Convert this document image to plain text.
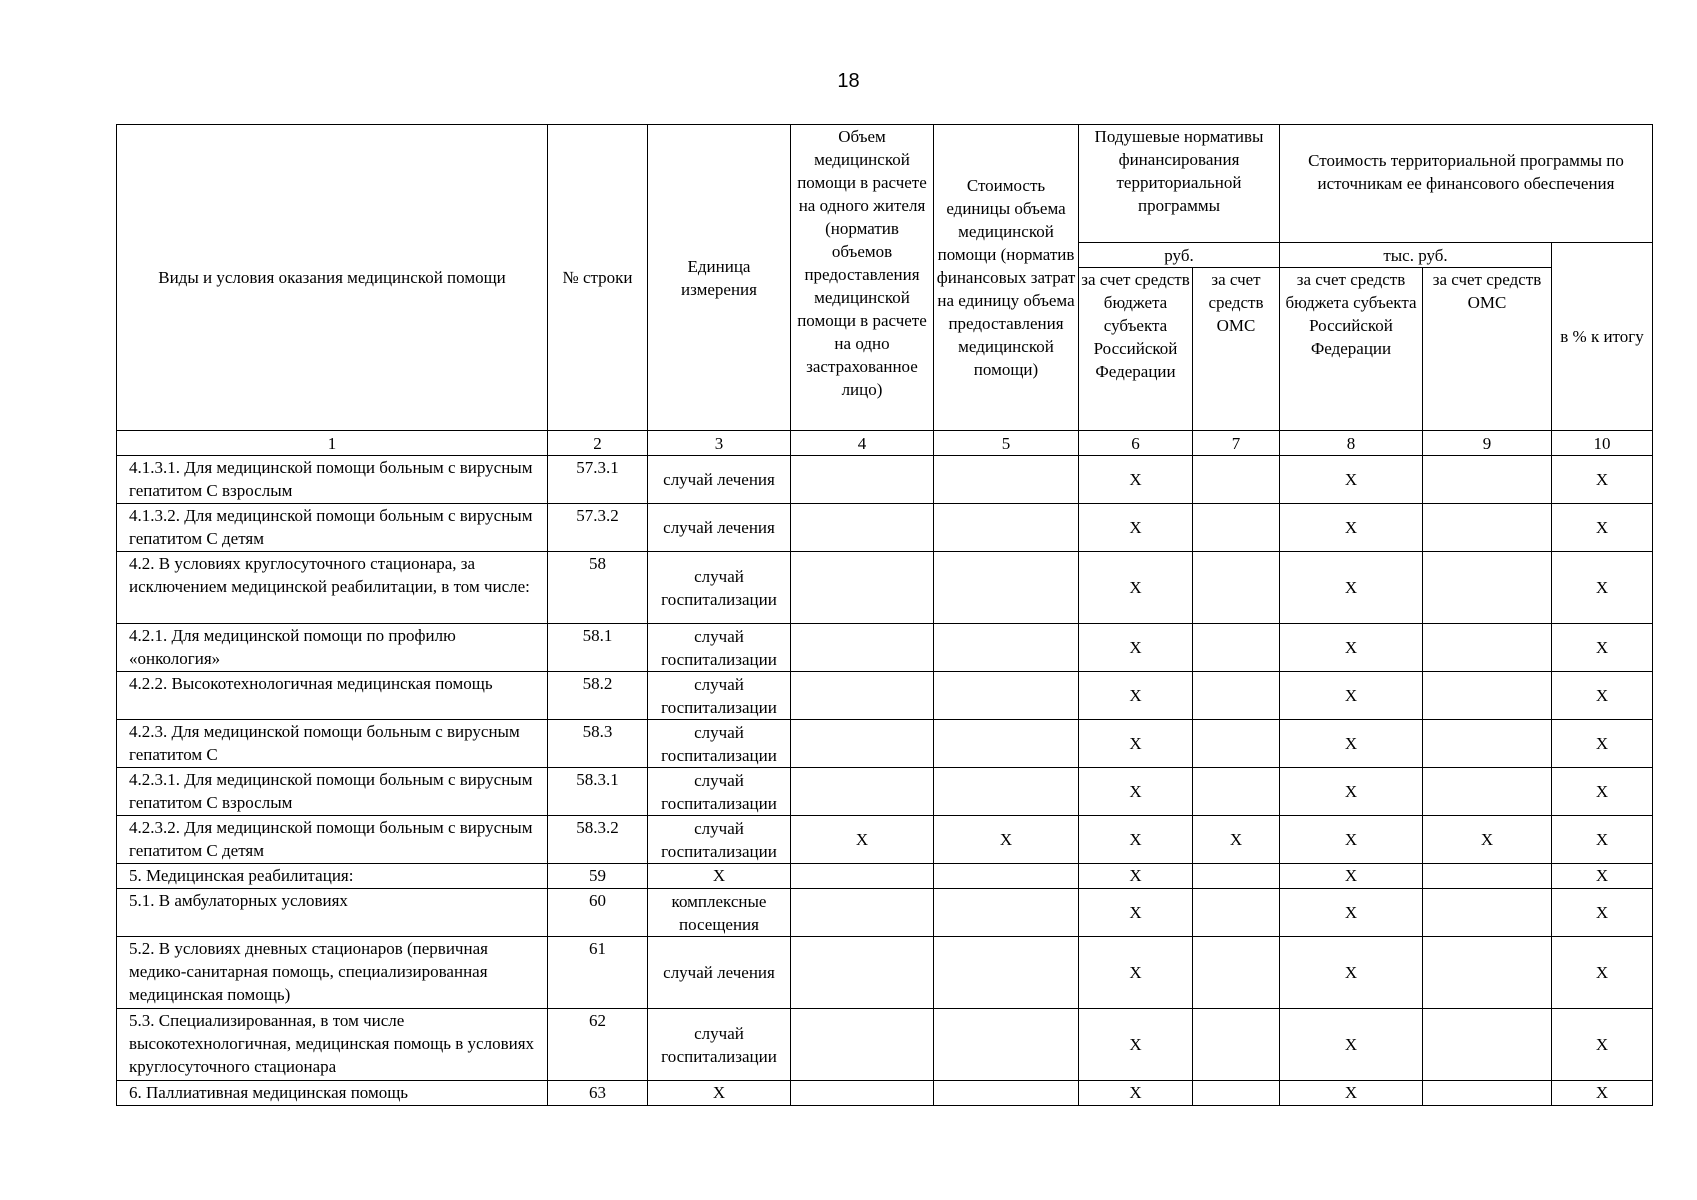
18
Виды и условия оказания медицинской помощи	№ строки	Единица измерения	Объем медицинской помощи в расчете на одного жителя (норматив объемов предоставления медицинской помощи в расчете на одно застрахованное лицо)	Стоимость единицы объема медицинской помощи (норматив финансовых затрат на единицу объема предоставления медицинской помощи)	Подушевые нормативы финансирования территориальной программы		Стоимость территориальной программы по источникам ее финансового обеспечения		
					руб.		тыс. руб.		в % к итогу
					за счет средств бюджета субъекта Российской Федерации	за счет средств ОМС	за счет средств бюджета субъекта Российской Федерации	за счет средств ОМС	
1	2	3	4	5	6	7	8	9	10
4.1.3.1. Для медицинской помощи больным с вирусным гепатитом С взрослым	57.3.1	случай лечения			X		X		X
4.1.3.2. Для медицинской помощи больным с вирусным гепатитом С детям	57.3.2	случай лечения			X		X		X
4.2. В условиях круглосуточного стационара, за исключением медицинской реабилитации, в том числе:	58	случай госпитализации			X		X		X
4.2.1. Для медицинской помощи по профилю «онкология»	58.1	случай госпитализации			X		X		X
4.2.2. Высокотехнологичная медицинская помощь	58.2	случай госпитализации			X		X		X
4.2.3. Для медицинской помощи больным с вирусным гепатитом С	58.3	случай госпитализации			X		X		X
4.2.3.1. Для медицинской помощи больным с вирусным гепатитом С взрослым	58.3.1	случай госпитализации			X		X		X
4.2.3.2. Для медицинской помощи больным с вирусным гепатитом С детям	58.3.2	случай госпитализации	X	X	X	X	X	X	X
5. Медицинская реабилитация:	59	X			X		X		X
5.1. В амбулаторных условиях	60	комплексные посещения			X		X		X
5.2. В условиях дневных стационаров (первичная медико-санитарная помощь, специализированная медицинская помощь)	61	случай лечения			X		X		X
5.3. Специализированная, в том числе высокотехнологичная, медицинская помощь в условиях круглосуточного стационара	62	случай госпитализации			X		X		X
6. Паллиативная медицинская помощь	63	X			X		X		X
